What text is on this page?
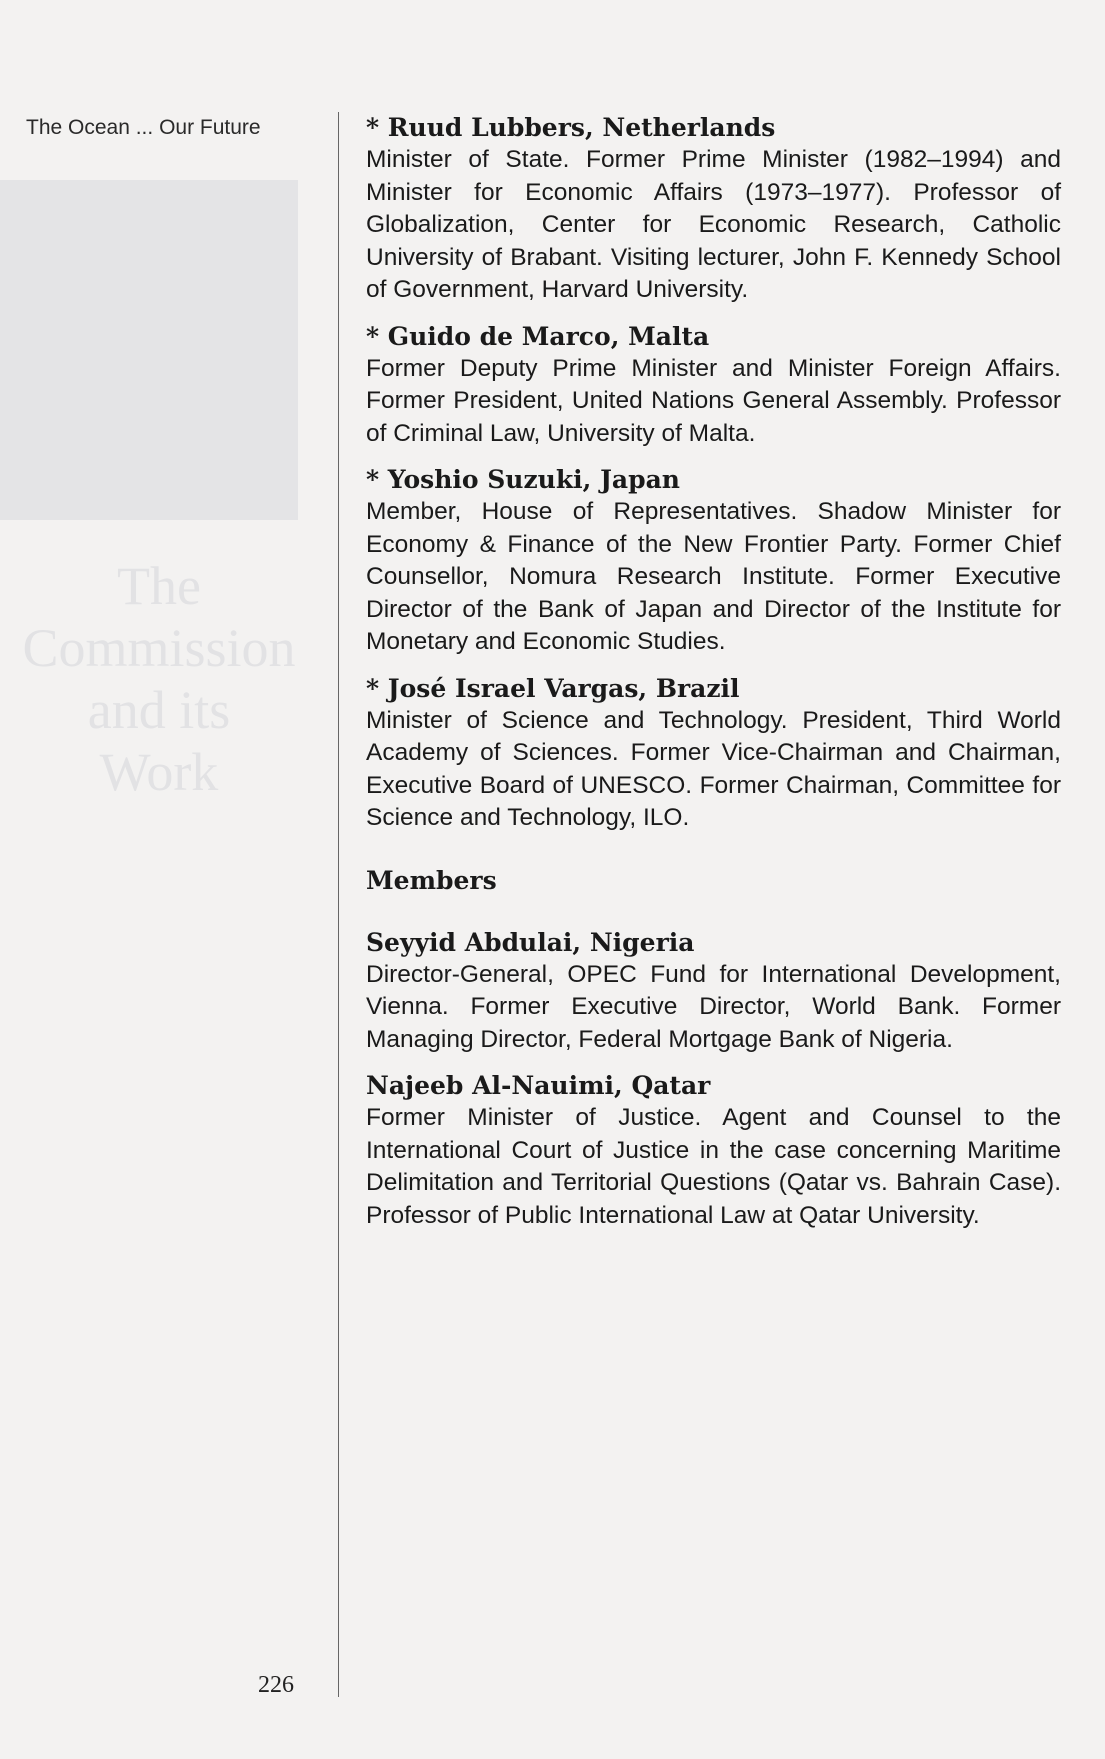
The
Commission
and its
Work
The Ocean ... Our Future
226
* Ruud Lubbers, Netherlands

Minister of State. Former Prime Minister (1982–1994) and Minister for Economic Affairs (1973–1977). Professor of Globalization, Center for Economic Research, Catholic University of Brabant. Visiting lecturer, John F. Kennedy School of Government, Harvard University.

* Guido de Marco, Malta

Former Deputy Prime Minister and Minister Foreign Affairs. Former President, United Nations General Assembly. Professor of Criminal Law, University of Malta.

* Yoshio Suzuki, Japan

Member, House of Representatives. Shadow Minister for Economy & Finance of the New Frontier Party. Former Chief Counsellor, Nomura Research Institute. Former Executive Director of the Bank of Japan and Director of the Institute for Monetary and Economic Studies.

* José Israel Vargas, Brazil

Minister of Science and Technology. President, Third World Academy of Sciences. Former Vice-Chairman and Chairman, Executive Board of UNESCO. Former Chairman, Committee for Science and Technology, ILO.

Members
Seyyid Abdulai, Nigeria

Director-General, OPEC Fund for International Development, Vienna. Former Executive Director, World Bank. Former Managing Director, Federal Mortgage Bank of Nigeria.

Najeeb Al-Nauimi, Qatar

Former Minister of Justice. Agent and Counsel to the International Court of Justice in the case concerning Maritime Delimitation and Territorial Questions (Qatar vs. Bahrain Case). Professor of Public International Law at Qatar University.
